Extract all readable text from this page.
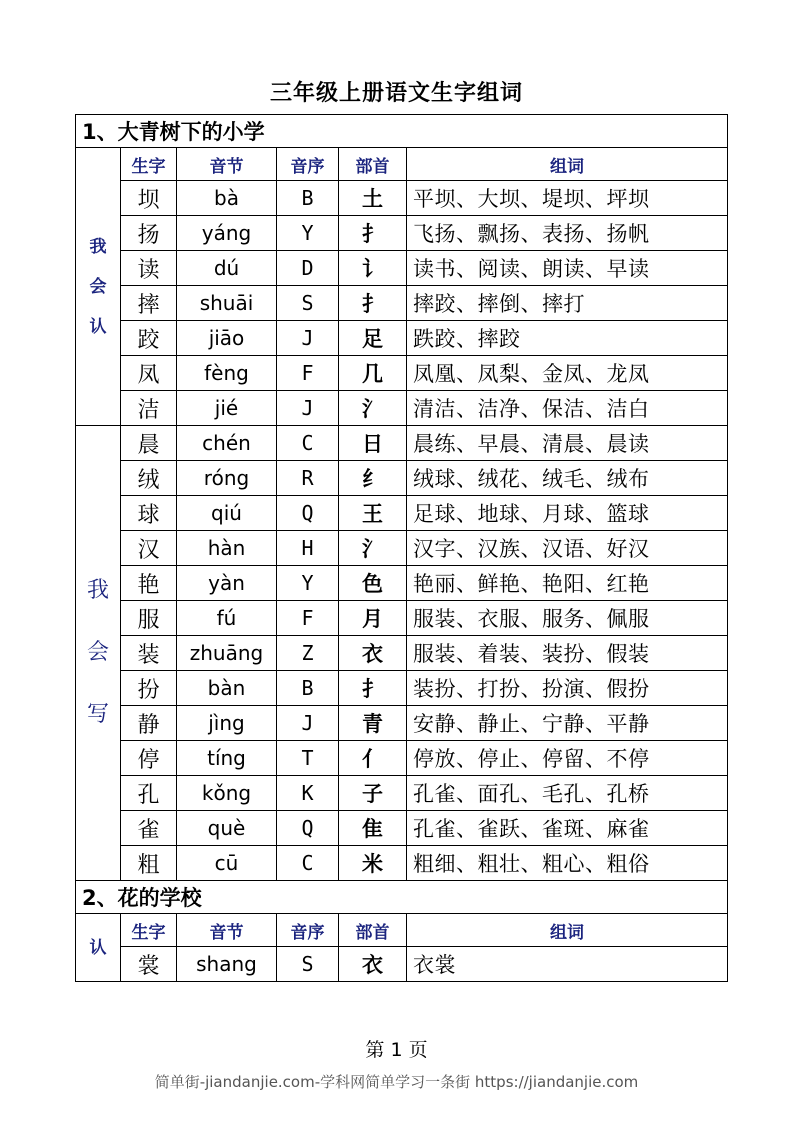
三年级上册语文生字组词
1、大青树下的小学					

我
会
认	生字	音节	音序	部首	组词
	坝	bà	B	土	平坝、大坝、堤坝、坪坝
	扬	yáng	Y	扌	飞扬、飘扬、表扬、扬帆
	读	dú	D	讠	读书、阅读、朗读、早读
	摔	shuāi	S	扌	摔跤、摔倒、摔打
	跤	jiāo	J	足	跌跤、摔跤
	凤	fèng	F	几	凤凰、凤梨、金凤、龙凤
	洁	jié	J	氵	清洁、洁净、保洁、洁白

我
会
写	晨	chén	C	日	晨练、早晨、清晨、晨读
	绒	róng	R	纟	绒球、绒花、绒毛、绒布
	球	qiú	Q	王	足球、地球、月球、篮球
	汉	hàn	H	氵	汉字、汉族、汉语、好汉
	艳	yàn	Y	色	艳丽、鲜艳、艳阳、红艳
	服	fú	F	月	服装、衣服、服务、佩服
	装	zhuāng	Z	衣	服装、着装、装扮、假装
	扮	bàn	B	扌	装扮、打扮、扮演、假扮
	静	jìng	J	青	安静、静止、宁静、平静
	停	tíng	T	亻	停放、停止、停留、不停
	孔	kǒng	K	子	孔雀、面孔、毛孔、孔桥
	雀	què	Q	隹	孔雀、雀跃、雀斑、麻雀
	粗	cū	C	米	粗细、粗壮、粗心、粗俗
2、花的学校					

认	生字	音节	音序	部首	组词
	裳	shang	S	衣	衣裳
第 1 页
简单街-jiandanjie.com-学科网简单学习一条街 https://jiandanjie.com
